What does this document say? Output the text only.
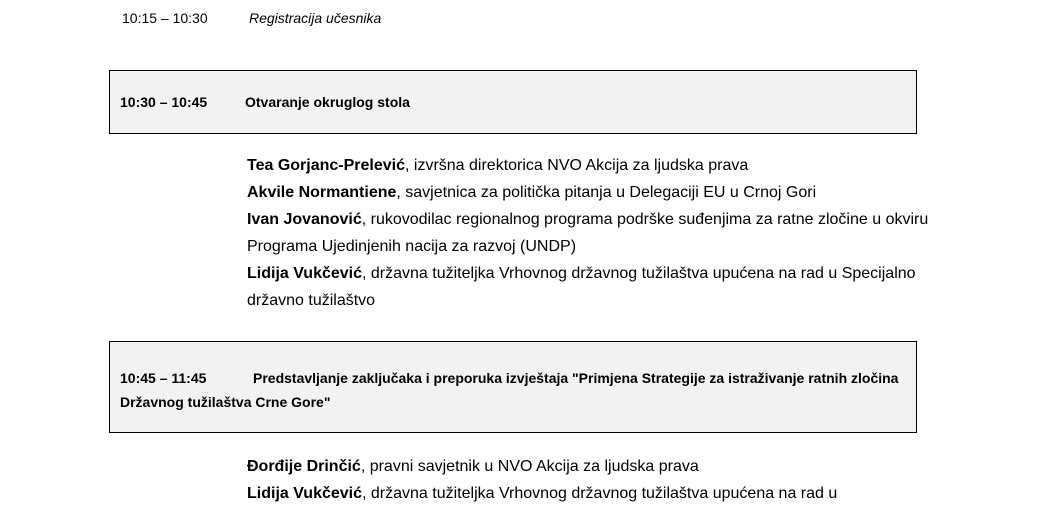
10:15 – 10:30	Registracija učesnika
10:30 – 10:45	Otvaranje okruglog stola
Tea Gorjanc-Prelević, izvršna direktorica NVO Akcija za ljudska prava
Akvile Normantiene, savjetnica za politička pitanja u Delegaciji EU u Crnoj Gori
Ivan Jovanović, rukovodilac regionalnog programa podrške suđenjima za ratne zločine u okviru Programa Ujedinjenih nacija za razvoj (UNDP)
Lidija Vukčević, državna tužiteljka Vrhovnog državnog tužilaštva upućena na rad u Specijalno državno tužilaštvo
10:45 – 11:45	Predstavljanje zaključaka i preporuka izvještaja "Primjena Strategije za istraživanje ratnih zločina Državnog tužilaštva Crne Gore"
Đorđije Drinčić, pravni savjetnik u NVO Akcija za ljudska prava
Lidija Vukčević, državna tužiteljka Vrhovnog državnog tužilaštva upućena na rad u
